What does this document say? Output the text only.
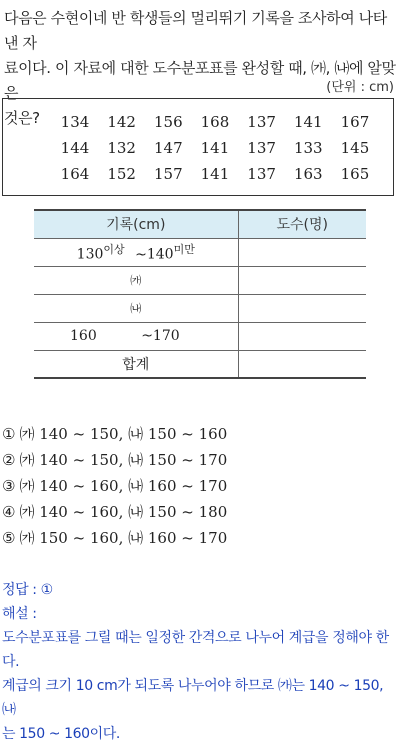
다음은 수현이네 반 학생들의 멀리뛰기 기록을 조사하여 나타낸 자
료이다. 이 자료에 대한 도수분포표를 완성할 때, ㈎, ㈏에 알맞은
것은?
(단위 : cm)
134	142	156	168	137	141	167
144	132	147	141	137	133	145
164	152	157	141	137	163	165
기록(cm)	도수(명)
$130^{이상}$ $\sim 140^{미만}$	
㈎	
㈏	
160 ~170	
합계	
① ㈎ 140 ~ 150, ㈏ 150 ~ 160
② ㈎ 140 ~ 150, ㈏ 150 ~ 170
③ ㈎ 140 ~ 160, ㈏ 160 ~ 170
④ ㈎ 140 ~ 160, ㈏ 150 ~ 180
⑤ ㈎ 150 ~ 160, ㈏ 160 ~ 170
정답 : ①
해설 :
도수분포표를 그릴 때는 일정한 간격으로 나누어 계급을 정해야 한다.
계급의 크기 10 cm가 되도록 나누어야 하므로 ㈎는 140 ~ 150, ㈏
는 150 ~ 160이다.
